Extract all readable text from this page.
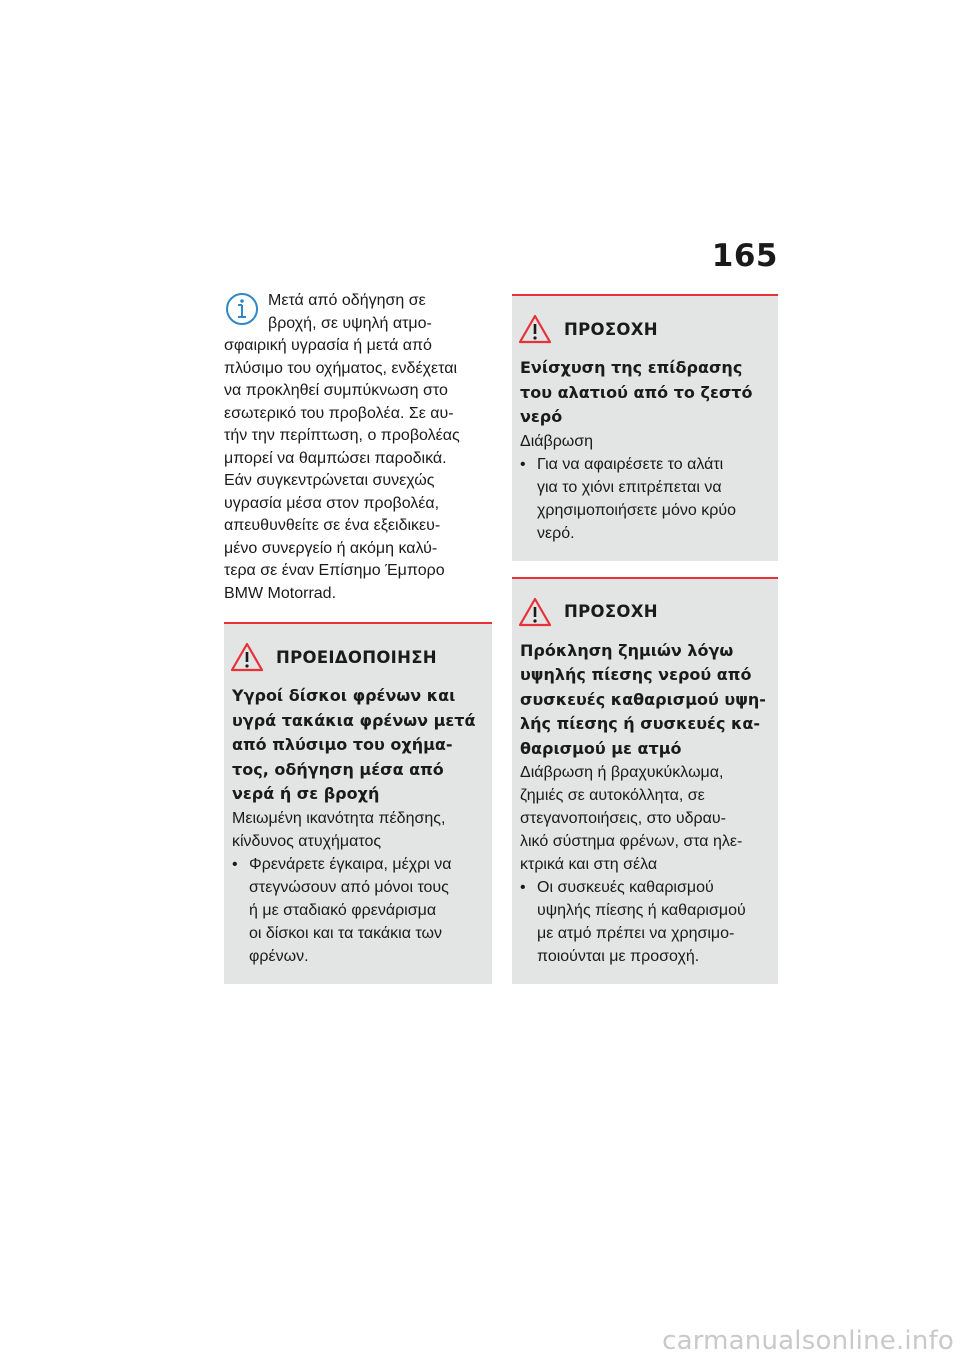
165

Μετά από οδήγηση σε
βροχή, σε υψηλή ατμο-
σφαιρική υγρασία ή μετά από
πλύσιμο του οχήματος, ενδέχεται
να προκληθεί συμπύκνωση στο
εσωτερικό του προβολέα. Σε αυ-
τήν την περίπτωση, ο προβολέας
μπορεί να θαμπώσει παροδικά.
Εάν συγκεντρώνεται συνεχώς
υγρασία μέσα στον προβολέα,
απευθυνθείτε σε ένα εξειδικευ-
μένο συνεργείο ή ακόμη καλύ-
τερα σε έναν Επίσημο Έμπορο
BMW Motorrad.

ΠΡΟΕΙΔΟΠΟΙΗΣΗ
Υγροί δίσκοι φρένων και
υγρά τακάκια φρένων μετά
από πλύσιμο του οχήμα-
τος, οδήγηση μέσα από
νερά ή σε βροχή
Μειωμένη ικανότητα πέδησης,
κίνδυνος ατυχήματος
• Φρενάρετε έγκαιρα, μέχρι να
στεγνώσουν από μόνοι τους
ή με σταδιακό φρενάρισμα
οι δίσκοι και τα τακάκια των
φρένων.
ΠΡΟΣΟΧΗ
Ενίσχυση της επίδρασης
του αλατιού από το ζεστό
νερό
Διάβρωση
• Για να αφαιρέσετε το αλάτι
για το χιόνι επιτρέπεται να
χρησιμοποιήσετε μόνο κρύο
νερό.
ΠΡΟΣΟΧΗ
Πρόκληση ζημιών λόγω
υψηλής πίεσης νερού από
συσκευές καθαρισμού υψη-
λής πίεσης ή συσκευές κα-
θαρισμού με ατμό
Διάβρωση ή βραχυκύκλωμα,
ζημιές σε αυτοκόλλητα, σε
στεγανοποιήσεις, στο υδραυ-
λικό σύστημα φρένων, στα ηλε-
κτρικά και στη σέλα
• Οι συσκευές καθαρισμού
υψηλής πίεσης ή καθαρισμού
με ατμό πρέπει να χρησιμο-
ποιούνται με προσοχή.
carmanualsonline.info
